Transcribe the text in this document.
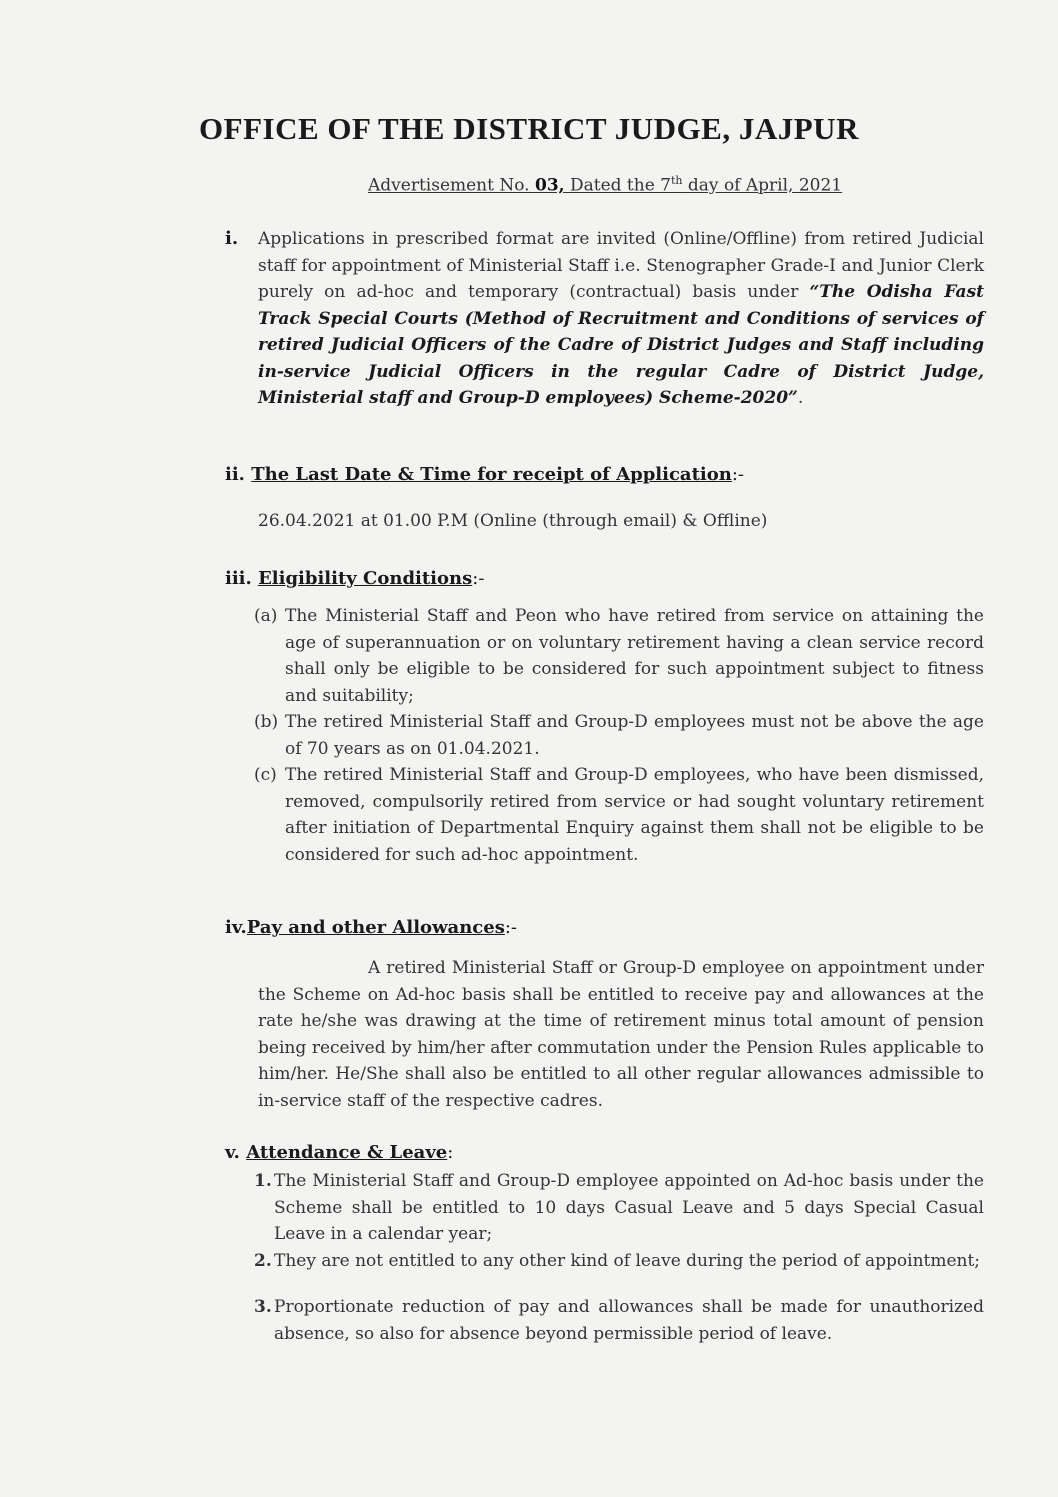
OFFICE OF THE DISTRICT JUDGE, JAJPUR
Advertisement No. 03, Dated the 7th day of April, 2021
i. Applications in prescribed format are invited (Online/Offline) from retired Judicial staff for appointment of Ministerial Staff i.e. Stenographer Grade-I and Junior Clerk purely on ad-hoc and temporary (contractual) basis under “The Odisha Fast Track Special Courts (Method of Recruitment and Conditions of services of retired Judicial Officers of the Cadre of District Judges and Staff including in-service Judicial Officers in the regular Cadre of District Judge, Ministerial staff and Group-D employees) Scheme-2020”.
ii. The Last Date & Time for receipt of Application:-
26.04.2021 at 01.00 P.M (Online (through email) & Offline)
iii. Eligibility Conditions:-
(a) The Ministerial Staff and Peon who have retired from service on attaining the age of superannuation or on voluntary retirement having a clean service record shall only be eligible to be considered for such appointment subject to fitness and suitability;
(b) The retired Ministerial Staff and Group-D employees must not be above the age of 70 years as on 01.04.2021.
(c) The retired Ministerial Staff and Group-D employees, who have been dismissed, removed, compulsorily retired from service or had sought voluntary retirement after initiation of Departmental Enquiry against them shall not be eligible to be considered for such ad-hoc appointment.
iv.Pay and other Allowances:-
A retired Ministerial Staff or Group-D employee on appointment under the Scheme on Ad-hoc basis shall be entitled to receive pay and allowances at the rate he/she was drawing at the time of retirement minus total amount of pension being received by him/her after commutation under the Pension Rules applicable to him/her. He/She shall also be entitled to all other regular allowances admissible to in-service staff of the respective cadres.
v. Attendance & Leave:
1. The Ministerial Staff and Group-D employee appointed on Ad-hoc basis under the Scheme shall be entitled to 10 days Casual Leave and 5 days Special Casual Leave in a calendar year;
2. They are not entitled to any other kind of leave during the period of appointment;
3. Proportionate reduction of pay and allowances shall be made for unauthorized absence, so also for absence beyond permissible period of leave.
